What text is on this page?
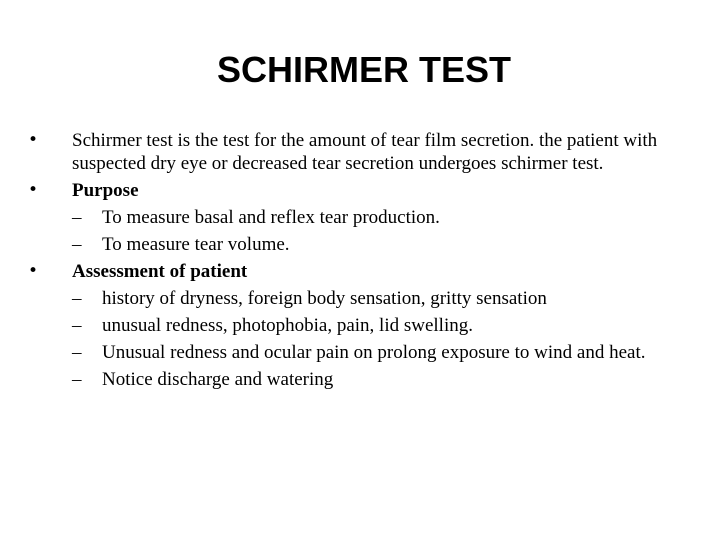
SCHIRMER TEST
•	Schirmer test is the test for the amount of tear film secretion. the patient with suspected dry eye or decreased tear secretion undergoes schirmer test.
•	Purpose
– To measure basal and reflex tear production.
– To measure tear volume.
•	Assessment of patient
– history of dryness, foreign body sensation, gritty sensation
– unusual redness, photophobia, pain, lid swelling.
– Unusual redness and ocular pain on prolong exposure to wind and heat.
– Notice discharge and watering
